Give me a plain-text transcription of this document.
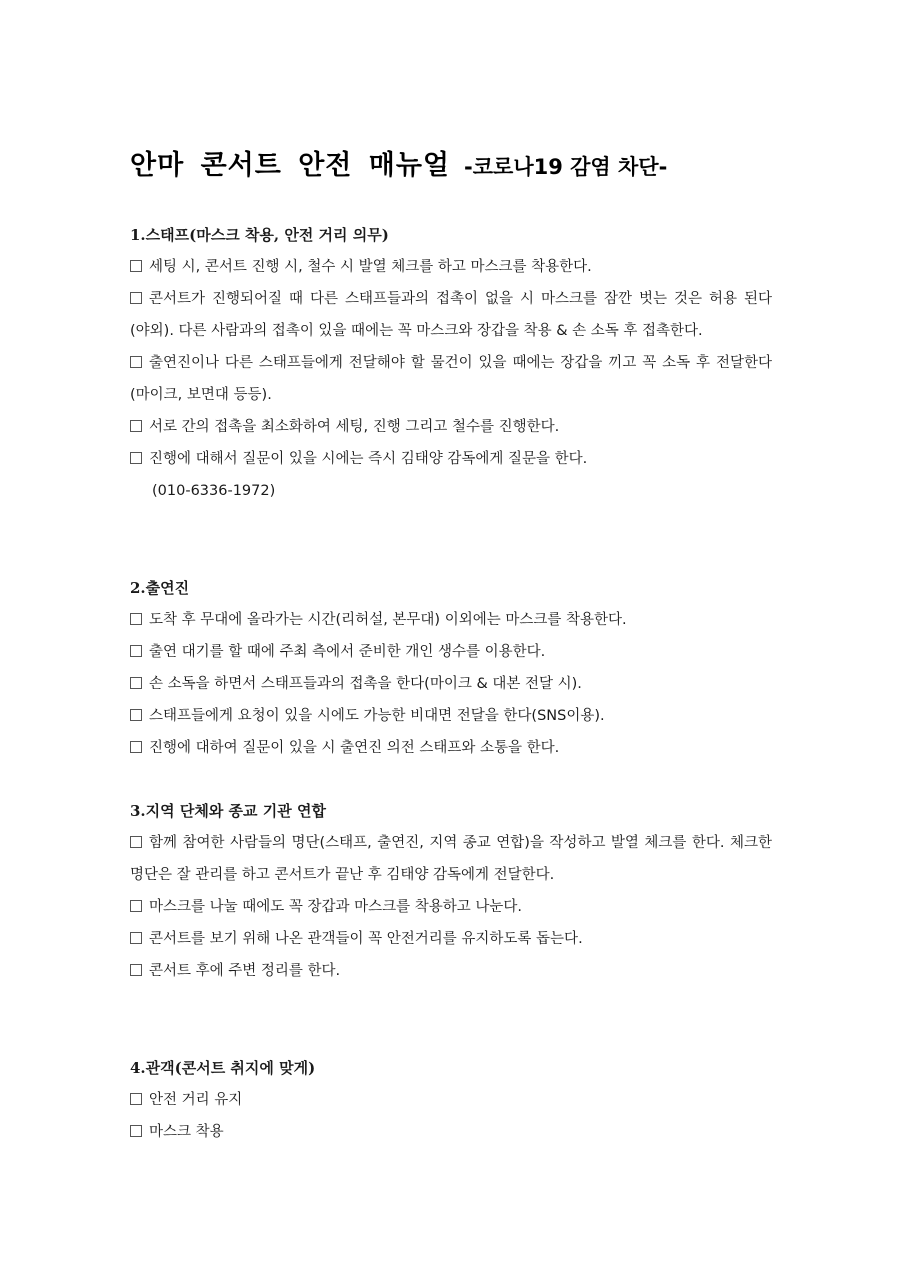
안마 콘서트 안전 매뉴얼 -코로나19 감염 차단-
1.스태프(마스크 착용, 안전 거리 의무)
세팅 시, 콘서트 진행 시, 철수 시 발열 체크를 하고 마스크를 착용한다.
콘서트가 진행되어질 때 다른 스태프들과의 접촉이 없을 시 마스크를 잠깐 벗는 것은 허용 된다(야외). 다른 사람과의 접촉이 있을 때에는 꼭 마스크와 장갑을 착용 & 손 소독 후 접촉한다.
출연진이나 다른 스태프들에게 전달해야 할 물건이 있을 때에는 장갑을 끼고 꼭 소독 후 전달한다(마이크, 보면대 등등).
서로 간의 접촉을 최소화하여 세팅, 진행 그리고 철수를 진행한다.
진행에 대해서 질문이 있을 시에는 즉시 김태양 감독에게 질문을 한다.
(010-6336-1972)
2.출연진
도착 후 무대에 올라가는 시간(리허설, 본무대) 이외에는 마스크를 착용한다.
출연 대기를 할 때에 주최 측에서 준비한 개인 생수를 이용한다.
손 소독을 하면서 스태프들과의 접촉을 한다(마이크 & 대본 전달 시).
스태프들에게 요청이 있을 시에도 가능한 비대면 전달을 한다(SNS이용).
진행에 대하여 질문이 있을 시 출연진 의전 스태프와 소통을 한다.
3.지역 단체와 종교 기관 연합
함께 참여한 사람들의 명단(스태프, 출연진, 지역 종교 연합)을 작성하고 발열 체크를 한다. 체크한 명단은 잘 관리를 하고 콘서트가 끝난 후 김태양 감독에게 전달한다.
마스크를 나눌 때에도 꼭 장갑과 마스크를 착용하고 나눈다.
콘서트를 보기 위해 나온 관객들이 꼭 안전거리를 유지하도록 돕는다.
콘서트 후에 주변 정리를 한다.
4.관객(콘서트 취지에 맞게)
안전 거리 유지
마스크 착용
